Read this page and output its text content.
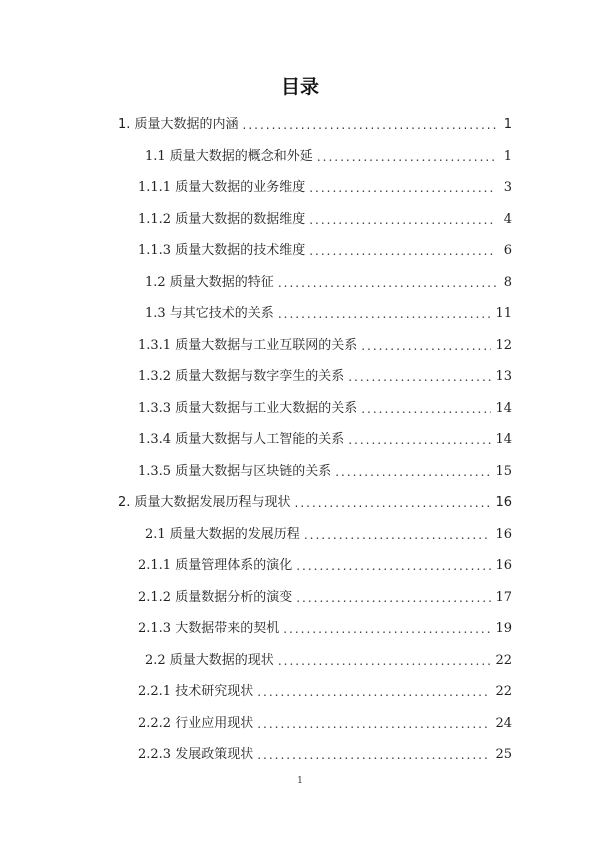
目录
1. 质量大数据的内涵 .....	1
1.1 质量大数据的概念和外延 .....	1
1.1.1 质量大数据的业务维度 .....	3
1.1.2 质量大数据的数据维度 .....	4
1.1.3 质量大数据的技术维度 .....	6
1.2 质量大数据的特征 .....	8
1.3 与其它技术的关系 .....	11
1.3.1 质量大数据与工业互联网的关系 .....	12
1.3.2 质量大数据与数字孪生的关系 .....	13
1.3.3 质量大数据与工业大数据的关系 .....	14
1.3.4 质量大数据与人工智能的关系 .....	14
1.3.5 质量大数据与区块链的关系 .....	15
2. 质量大数据发展历程与现状 .....	16
2.1 质量大数据的发展历程 .....	16
2.1.1 质量管理体系的演化 .....	16
2.1.2 质量数据分析的演变 .....	17
2.1.3 大数据带来的契机 .....	19
2.2 质量大数据的现状 .....	22
2.2.1 技术研究现状 .....	22
2.2.2 行业应用现状 .....	24
2.2.3 发展政策现状 .....	25
1
